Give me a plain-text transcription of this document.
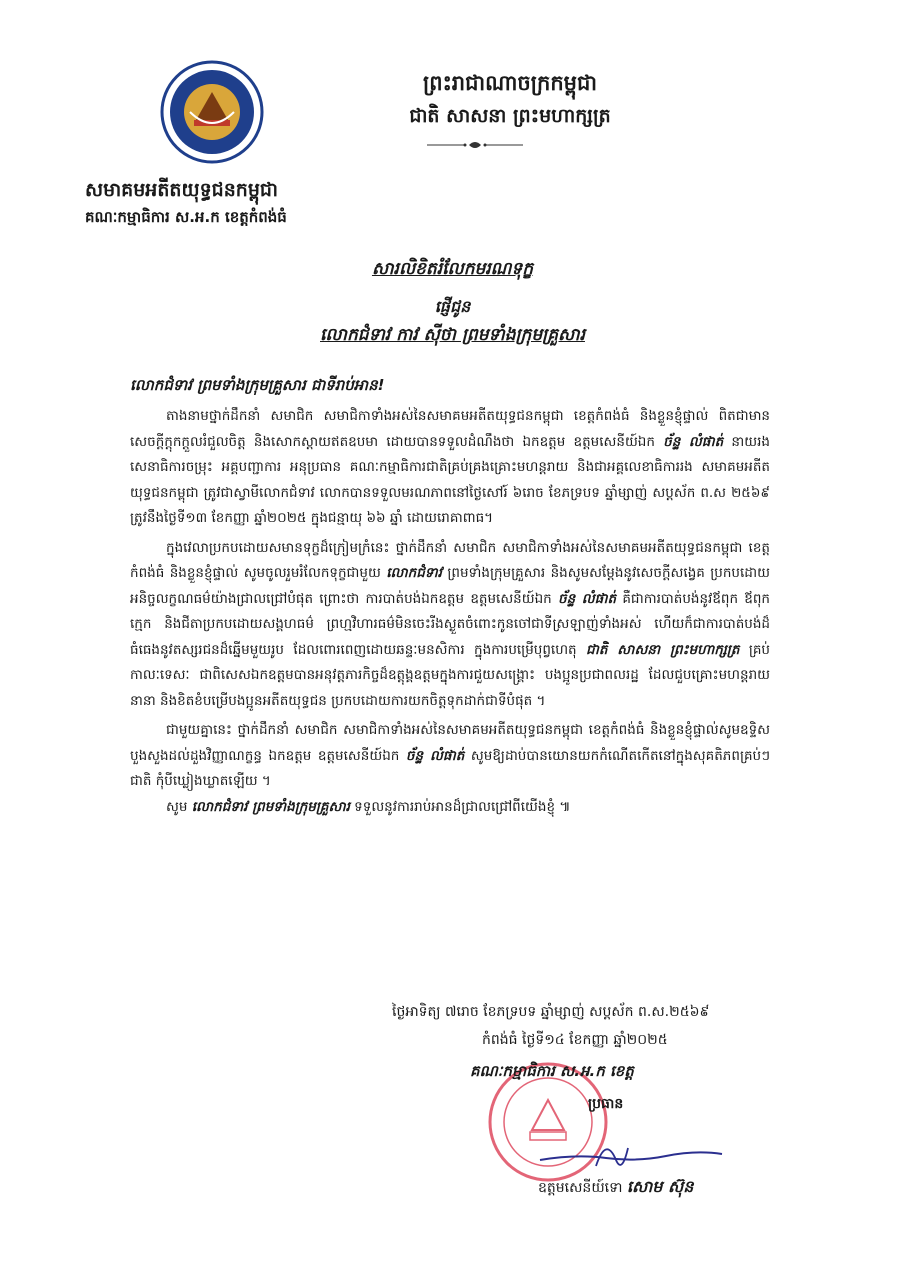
ព្រះរាជាណាចក្រកម្ពុជា
ជាតិ សាសនា ព្រះមហាក្សត្រ
សមាគមអតីតយុទ្ធជនកម្ពុជា
គណៈកម្មាធិការ ស.អ.ក ខេត្តកំពង់ធំ
សារលិខិតរំលែកមរណទុក្ខ
ផ្ញើជូន
លោកជំទាវ កាវ ស៊ីថា ព្រមទាំងក្រុមគ្រួសារ
លោកជំទាវ ព្រមទាំងក្រុមគ្រួសារ ជាទីរាប់អាន!

តាងនាមថ្នាក់ដឹកនាំ សមាជិក សមាជិកាទាំងអស់នៃសមាគមអតីតយុទ្ធជនកម្ពុជា ខេត្តកំពង់ធំ និងខ្លួនខ្ញុំផ្ទាល់ ពិតជាមានសេចក្តីក្តុកក្តួលរំជួលចិត្ត និងសោកស្តាយឥតឧបមា ដោយបានទទួលដំណឹងថា ឯកឧត្តម ឧត្តមសេនីយ៍ឯក ច័ន្ទ លំផាត់ នាយរងសេនាធិការចម្រុះ អគ្គបញ្ជាការ អនុប្រធាន គណៈកម្មាធិការជាតិគ្រប់គ្រងគ្រោះមហន្តរាយ និងជាអគ្គលេខាធិការរង សមាគមអតីតយុទ្ធជនកម្ពុជា ត្រូវជាស្វាមីលោកជំទាវ លោកបានទទួលមរណភាពនៅថ្ងៃសៅរ៍ ៦រោច ខែភទ្របទ ឆ្នាំម្សាញ់ សប្តស័ក ព.ស ២៥៦៩ ត្រូវនឹងថ្ងៃទី១៣ ខែកញ្ញា ឆ្នាំ២០២៥ ក្នុងជន្មាយុ ៦៦ ឆ្នាំ ដោយរោគាពាធ។

ក្នុងវេលាប្រកបដោយសមានទុក្ខដ៏ក្រៀមក្រំនេះ ថ្នាក់ដឹកនាំ សមាជិក សមាជិកាទាំងអស់នៃសមាគមអតីតយុទ្ធជនកម្ពុជា ខេត្តកំពង់ធំ និងខ្លួនខ្ញុំផ្ទាល់ សូមចូលរួមរំលែកទុក្ខជាមួយ លោកជំទាវ ព្រមទាំងក្រុមគ្រួសារ និងសូមសម្តែងនូវសេចក្តីសង្វេគ ប្រកបដោយអនិច្ចលក្ខណធម៌យ៉ាងជ្រាលជ្រៅបំផុត ព្រោះថា ការបាត់បង់ឯកឧត្តម ឧត្តមសេនីយ៍ឯក ច័ន្ទ លំផាត់ គឺជាការបាត់បង់នូវឪពុក ឪពុកក្មេក និងជីតាប្រកបដោយសង្គហធម៌ ព្រហ្មវិហារធម៌មិនចេះរីងស្ងួតចំពោះកូនចៅជាទីស្រឡាញ់ទាំងអស់ ហើយក៏ជាការបាត់បង់ដ៏ធំធេងនូវតស្សរជនដ៏ឆ្នើមមួយរូប ដែលពោរពេញដោយឆន្ទៈមនសិការ ក្នុងការបម្រើបុព្វហេតុ ជាតិ សាសនា ព្រះមហាក្សត្រ គ្រប់កាលៈទេសៈ ជាពិសេសឯកឧត្តមបានអនុវត្តភារកិច្ចដ៏ឧត្តុង្គឧត្តមក្នុងការជួយសង្គ្រោះ បងប្អូនប្រជាពលរដ្ឋ ដែលជួបគ្រោះមហន្តរាយនានា និងខិតខំបម្រើបងប្អូនអតីតយុទ្ធជន ប្រកបដោយការយកចិត្តទុកដាក់ជាទីបំផុត ។

ជាមួយគ្នានេះ ថ្នាក់ដឹកនាំ សមាជិក សមាជិកាទាំងអស់នៃសមាគមអតីតយុទ្ធជនកម្ពុជា ខេត្តកំពង់ធំ និងខ្លួនខ្ញុំផ្ទាល់សូមឧទ្ទិសបួងសួងដល់ដួងវិញ្ញាណក្ខន្ធ ឯកឧត្តម ឧត្តមសេនីយ៍ឯក ច័ន្ទ លំផាត់ សូមឱ្យដាប់បានយោនយកកំណើតកើតនៅក្នុងសុគតិភពគ្រប់ៗជាតិ កុំបីឃ្លៀងឃ្លាតឡើយ ។

សូម លោកជំទាវ ព្រមទាំងក្រុមគ្រួសារ ទទួលនូវការរាប់អានដ៏ជ្រាលជ្រៅពីយើងខ្ញុំ ៕

ថ្ងៃអាទិត្យ ៧រោច ខែភទ្របទ ឆ្នាំម្សាញ់ សប្តស័ក ព.ស.២៥៦៩
កំពង់ធំ ថ្ងៃទី១៤ ខែកញ្ញា ឆ្នាំ២០២៥
គណៈកម្មាធិការ ស.អ.ក ខេត្ត
ប្រធាន
ឧត្តមសេនីយ៍ទោ សោម ស៊ុន
